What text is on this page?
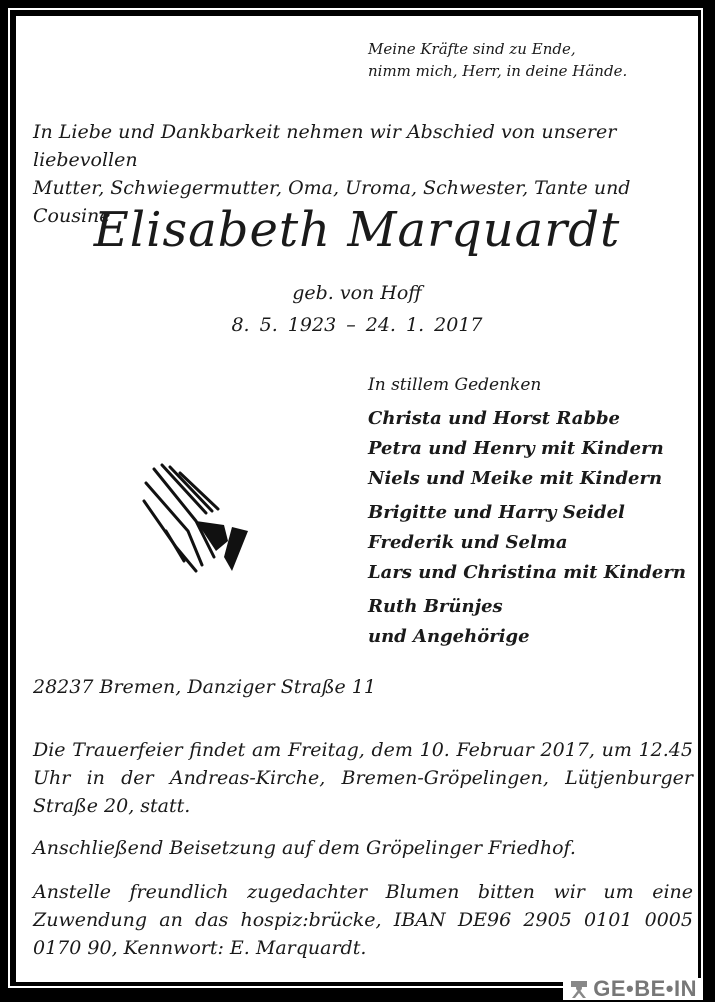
Meine Kräfte sind zu Ende,
nimm mich, Herr, in deine Hände.
In Liebe und Dankbarkeit nehmen wir Abschied von unserer liebevollen
Mutter, Schwiegermutter, Oma, Uroma, Schwester, Tante und Cousine
Elisabeth Marquardt
geb. von Hoff
8. 5. 1923 – 24. 1. 2017
In stillem Gedenken
Christa und Horst Rabbe
Petra und Henry mit Kindern
Niels und Meike mit Kindern
Brigitte und Harry Seidel
Frederik und Selma
Lars und Christina mit Kindern
Ruth Brünjes
und Angehörige
28237 Bremen, Danziger Straße 11
Die Trauerfeier findet am Freitag, dem 10. Februar 2017, um 12.45 Uhr in der Andreas-Kirche, Bremen-Gröpelingen, Lütjenburger Straße 20, statt.
Anschließend Beisetzung auf dem Gröpelinger Friedhof.
Anstelle freundlich zugedachter Blumen bitten wir um eine Zuwendung an das hospiz:brücke, IBAN DE96 2905 0101 0005 0170 90, Kennwort: E. Marquardt.
GE•BE•IN
